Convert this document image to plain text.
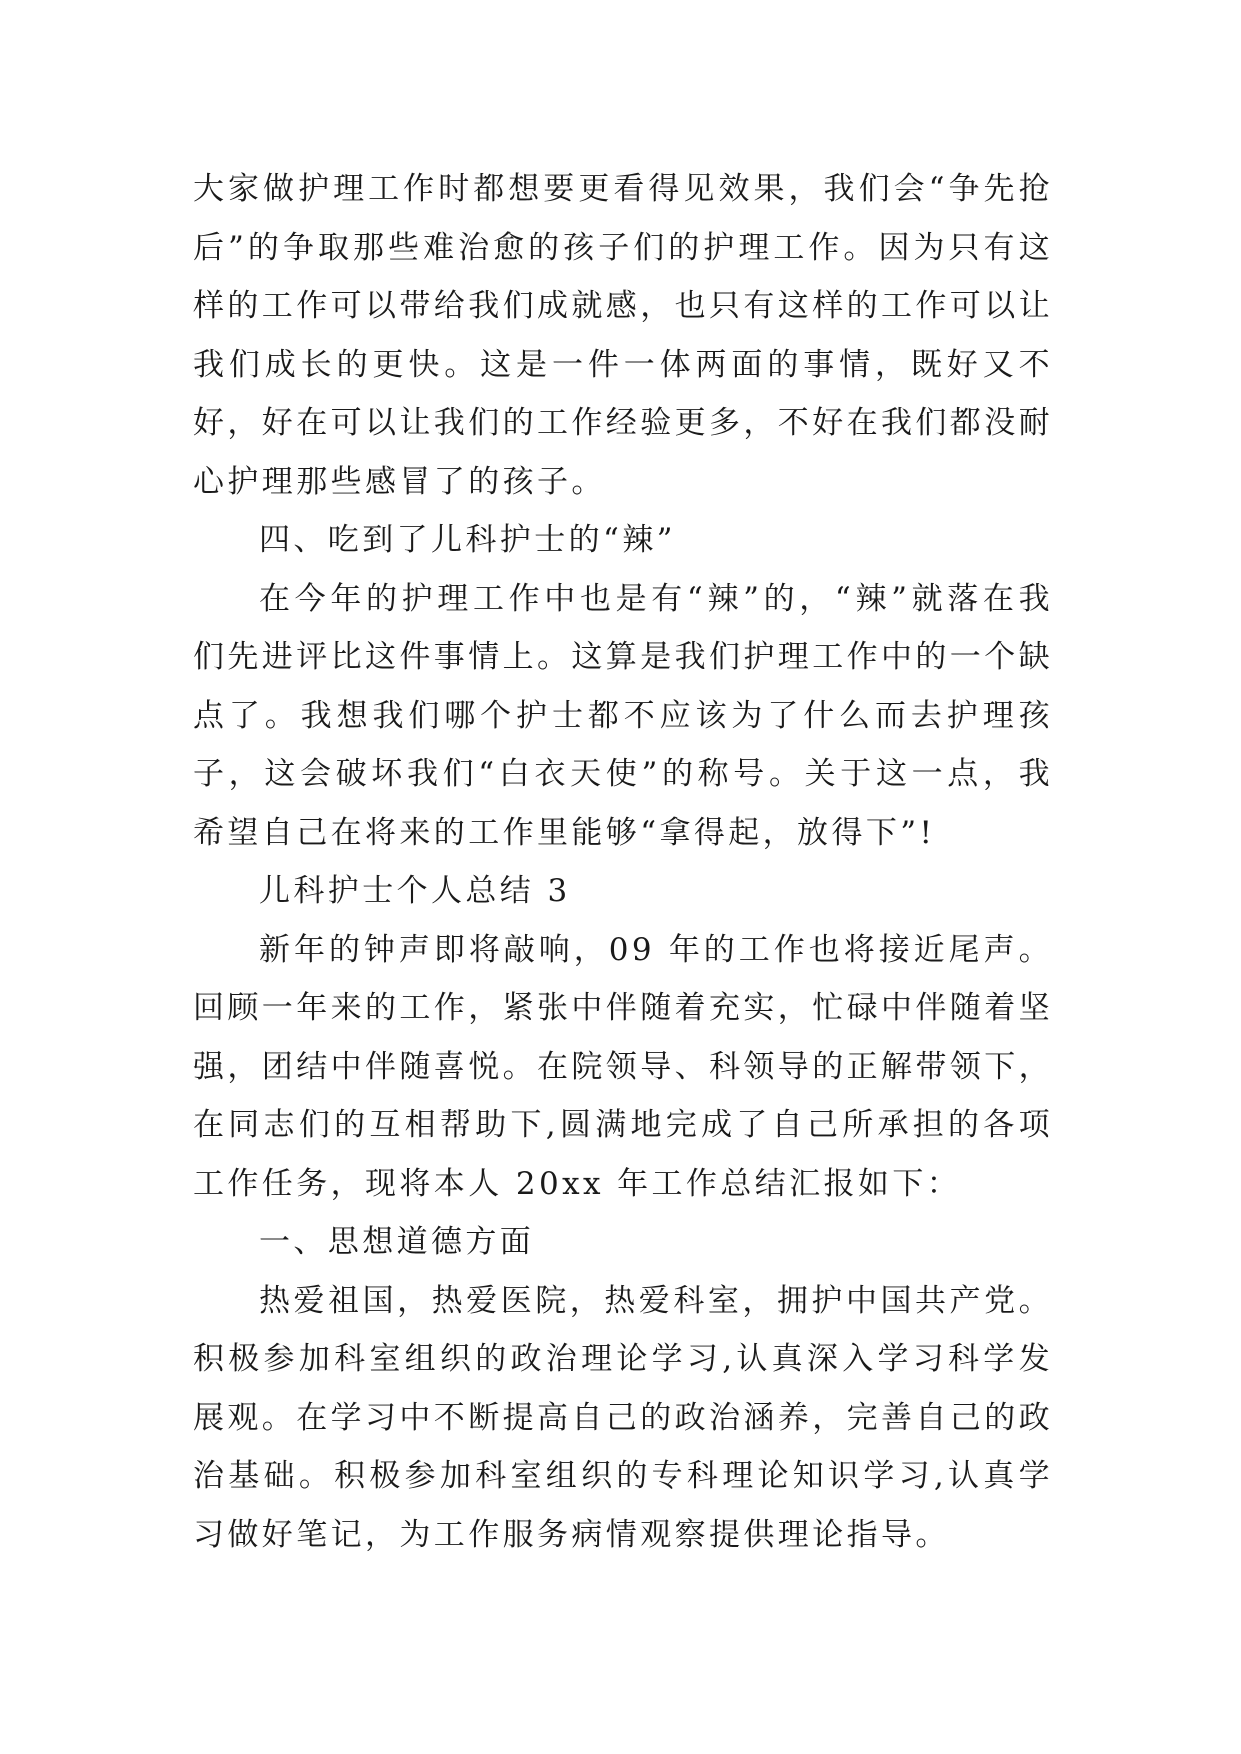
大家做护理工作时都想要更看得见效果，我们会“争先抢后”的争取那些难治愈的孩子们的护理工作。因为只有这样的工作可以带给我们成就感，也只有这样的工作可以让我们成长的更快。这是一件一体两面的事情，既好又不好，好在可以让我们的工作经验更多，不好在我们都没耐心护理那些感冒了的孩子。

四、吃到了儿科护士的“辣”

在今年的护理工作中也是有“辣”的，“辣”就落在我们先进评比这件事情上。这算是我们护理工作中的一个缺点了。我想我们哪个护士都不应该为了什么而去护理孩子，这会破坏我们“白衣天使”的称号。关于这一点，我希望自己在将来的工作里能够“拿得起，放得下”!

儿科护士个人总结 3

新年的钟声即将敲响，09 年的工作也将接近尾声。回顾一年来的工作，紧张中伴随着充实，忙碌中伴随着坚强，团结中伴随喜悦。在院领导、科领导的正解带领下，在同志们的互相帮助下,圆满地完成了自己所承担的各项工作任务，现将本人 20xx 年工作总结汇报如下：

一、思想道德方面

热爱祖国，热爱医院，热爱科室，拥护中国共产党。积极参加科室组织的政治理论学习,认真深入学习科学发展观。在学习中不断提高自己的政治涵养，完善自己的政治基础。积极参加科室组织的专科理论知识学习,认真学习做好笔记，为工作服务病情观察提供理论指导。
